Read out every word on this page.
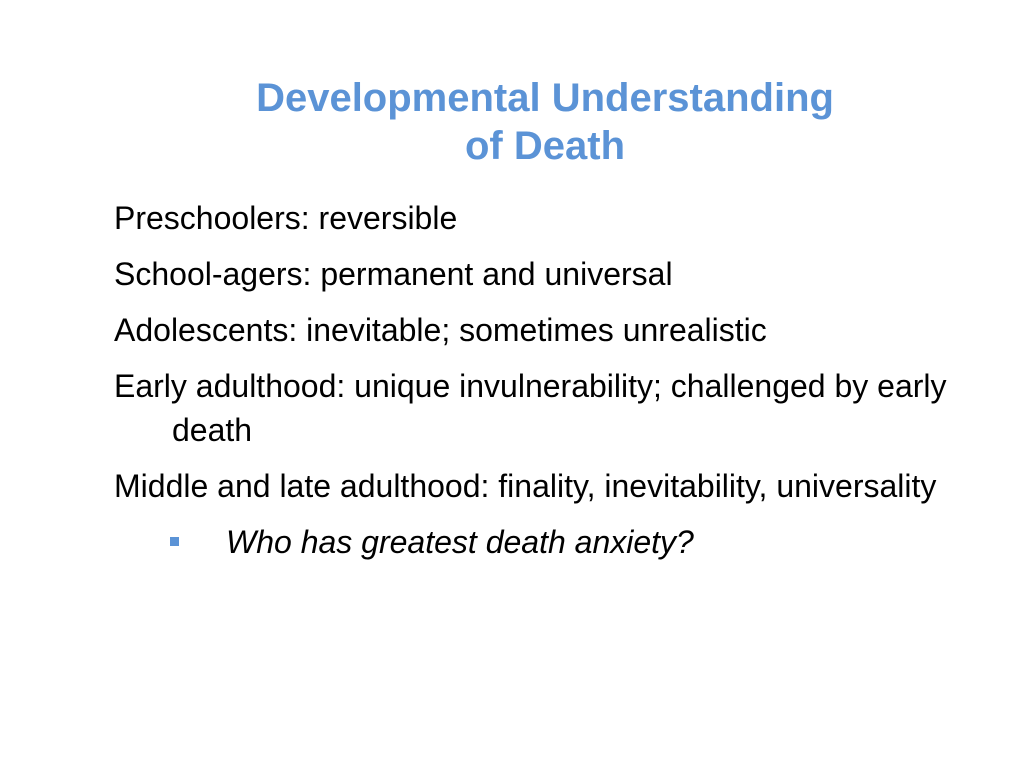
Developmental Understanding
of Death
Preschoolers: reversible
School-agers: permanent and universal
Adolescents: inevitable; sometimes unrealistic
Early adulthood: unique invulnerability; challenged by early death
Middle and late adulthood: finality, inevitability, universality
Who has greatest death anxiety?
